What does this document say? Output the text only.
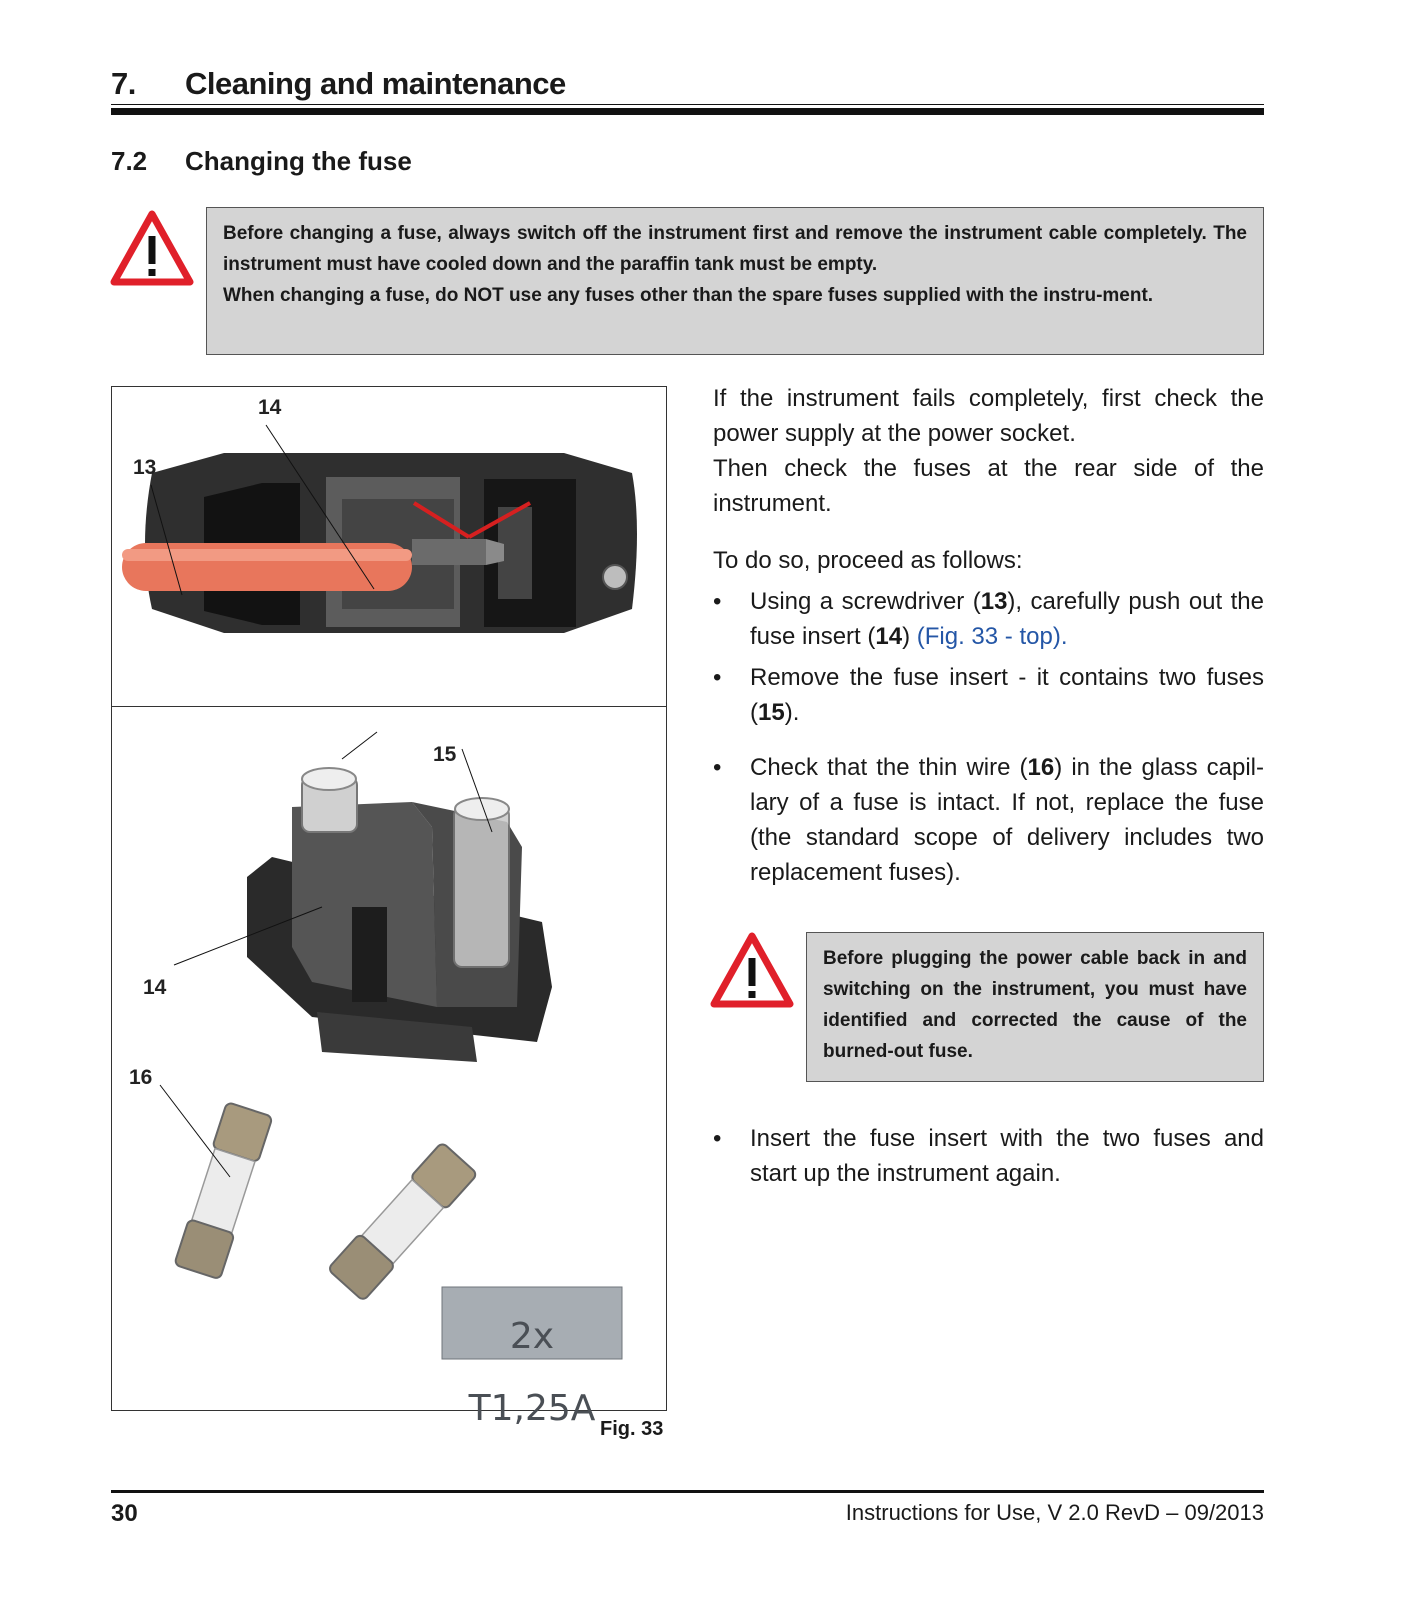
7. Cleaning and maintenance
7.2 Changing the fuse

Before changing a fuse, always switch off the instrument first and remove the instrument cable completely. The instrument must have cooled down and the paraffin tank must be empty.

When changing a fuse, do NOT use any fuses other than the spare fuses supplied with the instru-ment.

14
13
2x T1,25A
15
14
16
Fig. 33

If the instrument fails completely, first check the power supply at the power socket.

Then check the fuses at the rear side of the instrument.

To do so, proceed as follows:

• Using a screwdriver (13), carefully push out the fuse insert (14) (Fig. 33 - top).
• Remove the fuse insert - it contains two fuses (15).
• Check that the thin wire (16) in the glass capil-lary of a fuse is intact. If not, replace the fuse (the standard scope of delivery includes two replacement fuses).
Before plugging the power cable back in and switching on the instrument, you must have identified and corrected the cause of the burned-out fuse.
• Insert the fuse insert with the two fuses and start up the instrument again.
30	Instructions for Use, V 2.0 RevD – 09/2013
